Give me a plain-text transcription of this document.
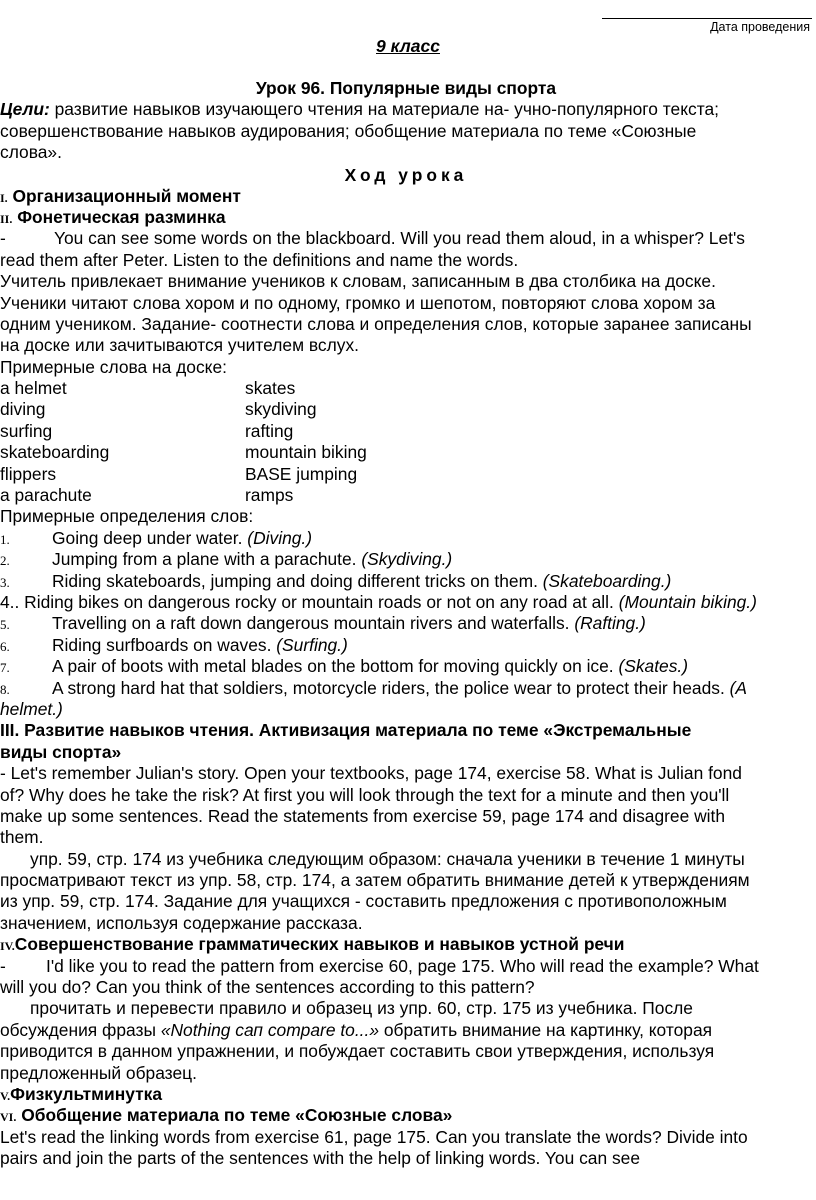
Дата проведения
9 класс
Урок 96. Популярные виды спорта
Цели: развитие навыков изучающего чтения на материале на- учно-популярного текста;
совершенствование навыков аудирования; обобщение материала по теме «Союзные
слова».
Ход урока
I. Организационный момент
II. Фонетическая разминка
-	You can see some words on the blackboard. Will you read them aloud, in a whisper? Let's
read them after Peter. Listen to the definitions and name the words.
Учитель привлекает внимание учеников к словам, записанным в два столбика на доске.
Ученики читают слова хором и по одному, громко и шепотом, повторяют слова хором за
одним учеником. Задание- соотнести слова и определения слов, которые заранее записаны
на доске или зачитываются учителем вслух.
Примерные слова на доске:
a helmet	skates
diving	skydiving
surfing	rafting
skateboarding	mountain biking
flippers	BASE jumping
a parachute	ramps
Примерные определения слов:
1. Going deep under water. (Diving.)
2. Jumping from a plane with a parachute. (Skydiving.)
3. Riding skateboards, jumping and doing different tricks on them. (Skateboarding.)
4.. Riding bikes on dangerous rocky or mountain roads or not on any road at all. (Mountain biking.)
5. Travelling on a raft down dangerous mountain rivers and waterfalls. (Rafting.)
6. Riding surfboards on waves. (Surfing.)
7. A pair of boots with metal blades on the bottom for moving quickly on ice. (Skates.)
8. A strong hard hat that soldiers, motorcycle riders, the police wear to protect their heads. (A
helmet.)
III. Развитие навыков чтения. Активизация материала по теме «Экстремальные
виды спорта»
- Let's remember Julian's story. Open your textbooks, page 174, exercise 58. What is Julian fond
of? Why does he take the risk? At first you will look through the text for a minute and then you'll
make up some sentences. Read the statements from exercise 59, page 174 and disagree with
them.
упр. 59, стр. 174 из учебника следующим образом: сначала ученики в течение 1 минуты
просматривают текст из упр. 58, стр. 174, а затем обратить внимание детей к утверждениям
из упр. 59, стр. 174. Задание для учащихся - составить предложения с противоположным
значением, используя содержание рассказа.
IV.Совершенствование грамматических навыков и навыков устной речи
- I'd like you to read the pattern from exercise 60, page 175. Who will read the example? What
will you do? Can you think of the sentences according to this pattern?
прочитать и перевести правило и образец из упр. 60, стр. 175 из учебника. После
обсуждения фразы «Nothing сап compare to...» обратить внимание на картинку, которая
приводится в данном упражнении, и побуждает составить свои утверждения, используя
предложенный образец.
V.Физкультминутка
VI. Обобщение материала по теме «Союзные слова»
Let's read the linking words from exercise 61, page 175. Can you translate the words? Divide into
pairs and join the parts of the sentences with the help of linking words. You can see
